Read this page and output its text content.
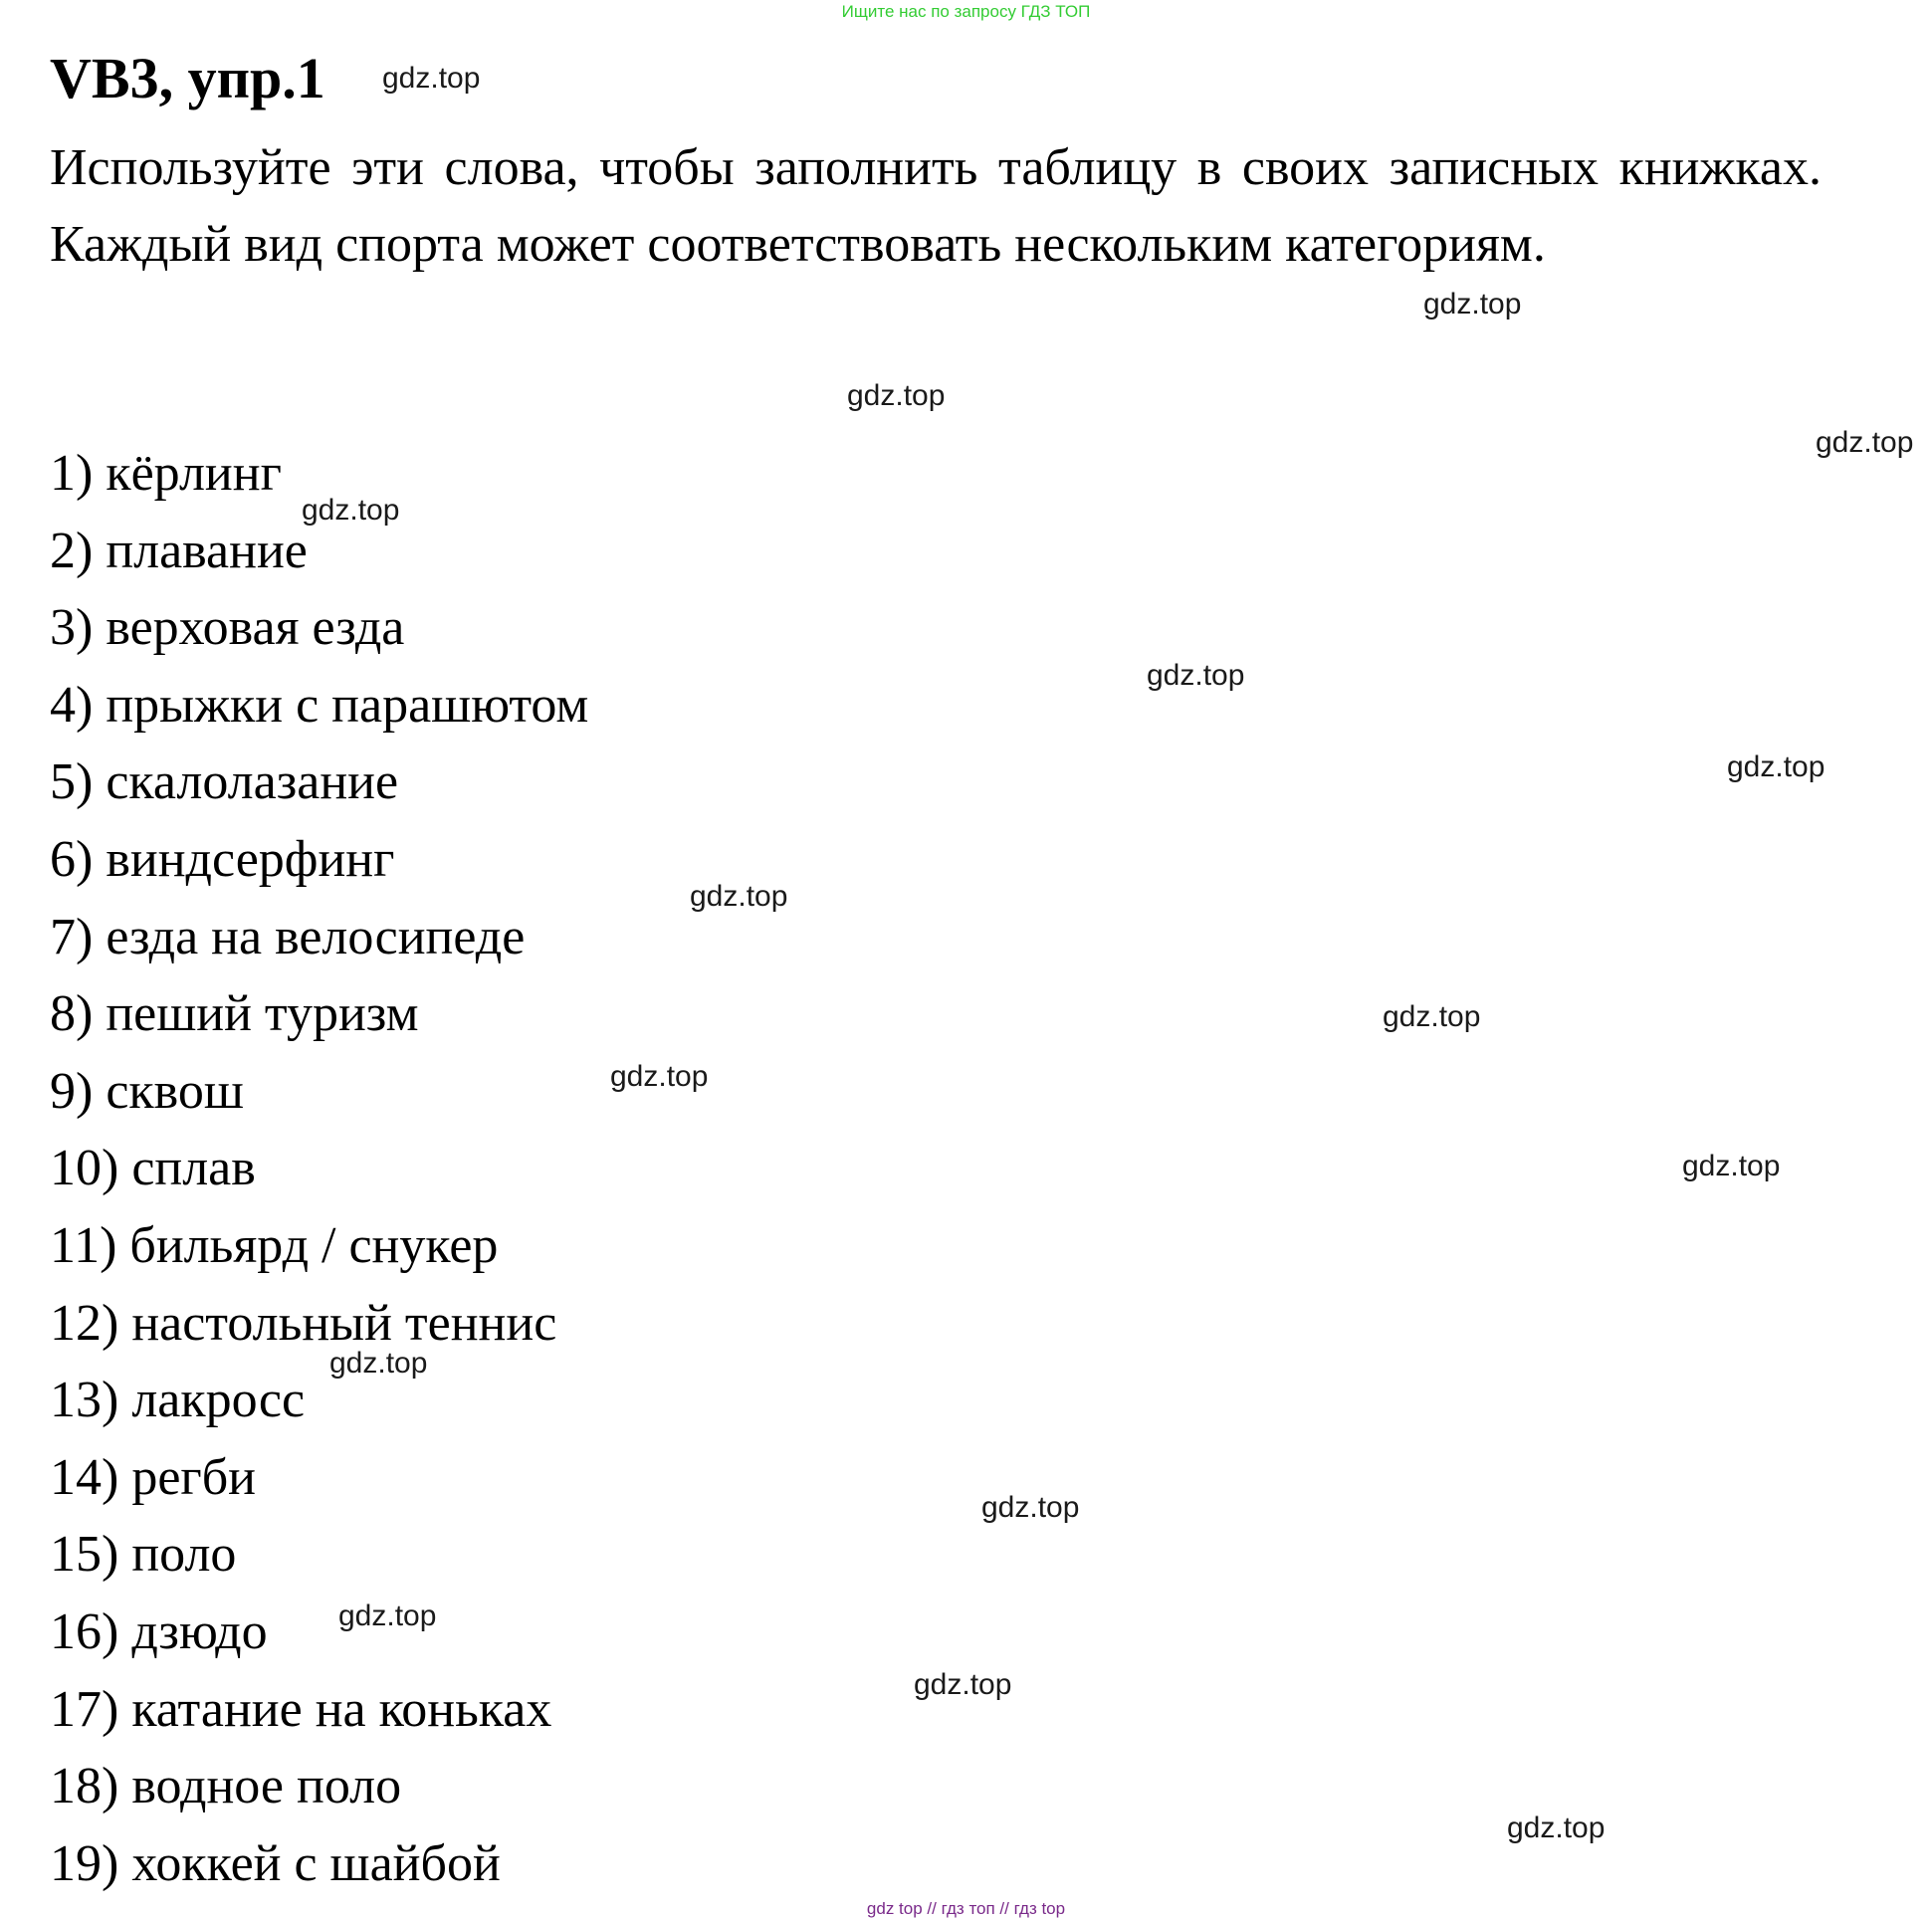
Ищите нас по запросу ГДЗ ТОП
VB3, упр.1
Используйте эти слова, чтобы заполнить таблицу в своих записных книжках. Каждый вид спорта может соответствовать нескольким категориям.
1) кёрлинг
2) плавание
3) верховая езда
4) прыжки с парашютом
5) скалолазание
6) виндсерфинг
7) езда на велосипеде
8) пеший туризм
9) сквош
10) сплав
11) бильярд / снукер
12) настольный теннис
13) лакросс
14) регби
15) поло
16) дзюдо
17) катание на коньках
18) водное поло
19) хоккей с шайбой
gdz.top
gdz.top
gdz.top
gdz.top
gdz.top
gdz.top
gdz.top
gdz.top
gdz.top
gdz.top
gdz.top
gdz.top
gdz.top
gdz.top
gdz.top
gdz.top
gdz top // гдз топ // гдз top
